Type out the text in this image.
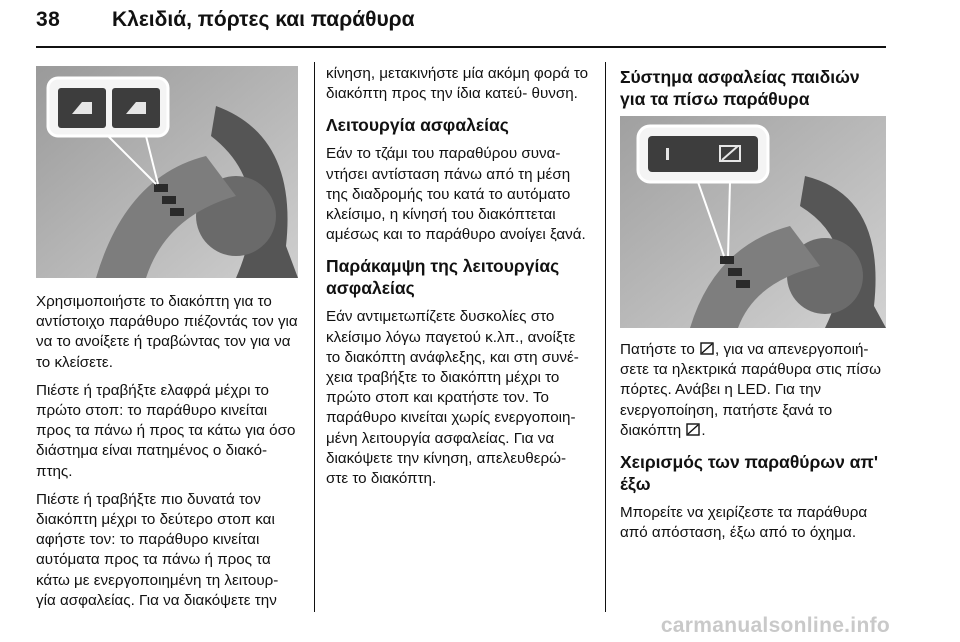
38 Κλειδιά, πόρτες και παράθυρα

Χρησιμοποιήστε το διακόπτη για το αντίστοιχο παράθυρο πιέζοντάς τον για να το ανοίξετε ή τραβώντας τον για να το κλείσετε.

Πιέστε ή τραβήξτε ελαφρά μέχρι το πρώτο στοπ: το παράθυρο κινείται προς τα πάνω ή προς τα κάτω για όσο διάστημα είναι πατημένος ο διακό- πτης.

Πιέστε ή τραβήξτε πιο δυνατά τον διακόπτη μέχρι το δεύτερο στοπ και αφήστε τον: το παράθυρο κινείται αυτόματα προς τα πάνω ή προς τα κάτω με ενεργοποιημένη τη λειτουρ- γία ασφαλείας. Για να διακόψετε την

κίνηση, μετακινήστε μία ακόμη φορά το διακόπτη προς την ίδια κατεύ- θυνση.

Λειτουργία ασφαλείας

Εάν το τζάμι του παραθύρου συνα- ντήσει αντίσταση πάνω από τη μέση της διαδρομής του κατά το αυτόματο κλείσιμο, η κίνησή του διακόπτεται αμέσως και το παράθυρο ανοίγει ξανά.

Παράκαμψη της λειτουργίας ασφαλείας

Εάν αντιμετωπίζετε δυσκολίες στο κλείσιμο λόγω παγετού κ.λπ., ανοίξτε το διακόπτη ανάφλεξης, και στη συνέ- χεια τραβήξτε το διακόπτη μέχρι το πρώτο στοπ και κρατήστε τον. Το παράθυρο κινείται χωρίς ενεργοποιη- μένη λειτουργία ασφαλείας. Για να διακόψετε την κίνηση, απελευθερώ- στε το διακόπτη.

Σύστημα ασφαλείας παιδιών για τα πίσω παράθυρα

Πατήστε το , για να απενεργοποιή- σετε τα ηλεκτρικά παράθυρα στις πίσω πόρτες. Ανάβει η LED. Για την ενεργοποίηση, πατήστε ξανά το διακόπτη .

Χειρισμός των παραθύρων απ' έξω

Μπορείτε να χειρίζεστε τα παράθυρα από απόσταση, έξω από το όχημα.

carmanualsonline.info
